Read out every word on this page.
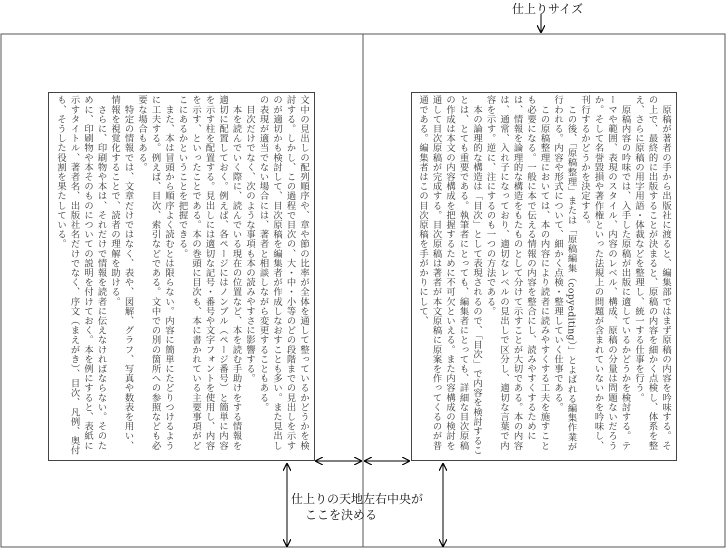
仕上りサイズ
文中の見出しの配列順序や、章や節の比率が全体を通して整っているかどうかを検討する。しかし、この過程で目次の、大・中・小等のどの段階までの見出しを示すのが適切かも検討して、目次原稿を編集者が作成しなおすことも多い。また見出しの表現が適当でない場合には、著者と相談しながら変更することもある。
　目次だけでなく、次のような事項も本の読みやすさに影響する。
　本を読んでいく際に、読んでいる現在の位置など、本を読む手助けをする情報を適切に配置しておく。例えば、各ページにはノンブル（ページ番号）と簡単に内容を示す柱を配置する。見出しには適切な記号・番号や文字フォントを使用し、内容を示す、といったことである。本の巻頭に目次も、本に書かれている主要事項がどこにあるかということを把握できる。
　また、本は冒頭から順序よく読むとは限らない。内容に簡単にたどりつけるように工夫する。例えば、目次、索引などである。文中での別の箇所への参照なども必要な場合もある。
　特定の情報では、文章だけではなく、表や、図解、グラフ、写真や数表を用い、情報を視覚化することで、読者の理解を助ける。
　さらに、印刷物や本は、それだけで情報を読者に伝えなければならない。そのために、印刷物や本そのものについての説明を付けておく。本を例にすると、表紙に示すタイトル、著者名、出版社名だけでなく、序文（まえがき）、目次、凡例、奥付も、そうした役割を果たしている。	　原稿が著者の手から出版社に渡ると、編集部ではまず原稿の内容を吟味する。その上で、最終的に出版することが決まると、原稿の内容を細かく点検し、体系を整え、さらに原稿の用字用語・体裁などを整理し、統一する仕事を行う。
　原稿内容の吟味では、入手した原稿が出版に適しているかどうかを検討する。テーマや範囲、表現のスタイル、内容のレベル、構成、原稿の分量は問題ないだろうか。そして名誉毀損や著作権といった法規上の問題が含まれていないかを吟味し、刊行するかどうかを決定する。
　この後、「原稿整理」または「原稿編集（copyediting）」とよばれる編集作業が行われる。内容や形式について、細かく点検・整理していく仕事である。
　この原稿整理においては、本の内容により読者に読みやすくする工夫を施すことも必要になる。一般に本で伝える情報の内容を整合にし、読みやすくするためには、情報を論理的な構造をもたものとして分けて示すことが大切である。本の内容は、通常、入れ子になっており、適切なレベルの見出しで区分し、適切な言葉で内容を示す。逆に、注にするのも一つの方法である。
　本の論理的な構造は「目次」として表現されるので、「目次」で内容を検討することは、とても重要である。執筆者にとっても、編集者にとっても、詳細な目次原稿の作成は本文の内容構成を把握するために不可欠といえる。また内容構成の検討を通して目次原稿が完成する。目次原稿は著者が本文原稿に原案を作ってくるのが普通である。編集者はこの目次原稿を手がかりにして、
仕上りの天地左右中央が
ここを決める
